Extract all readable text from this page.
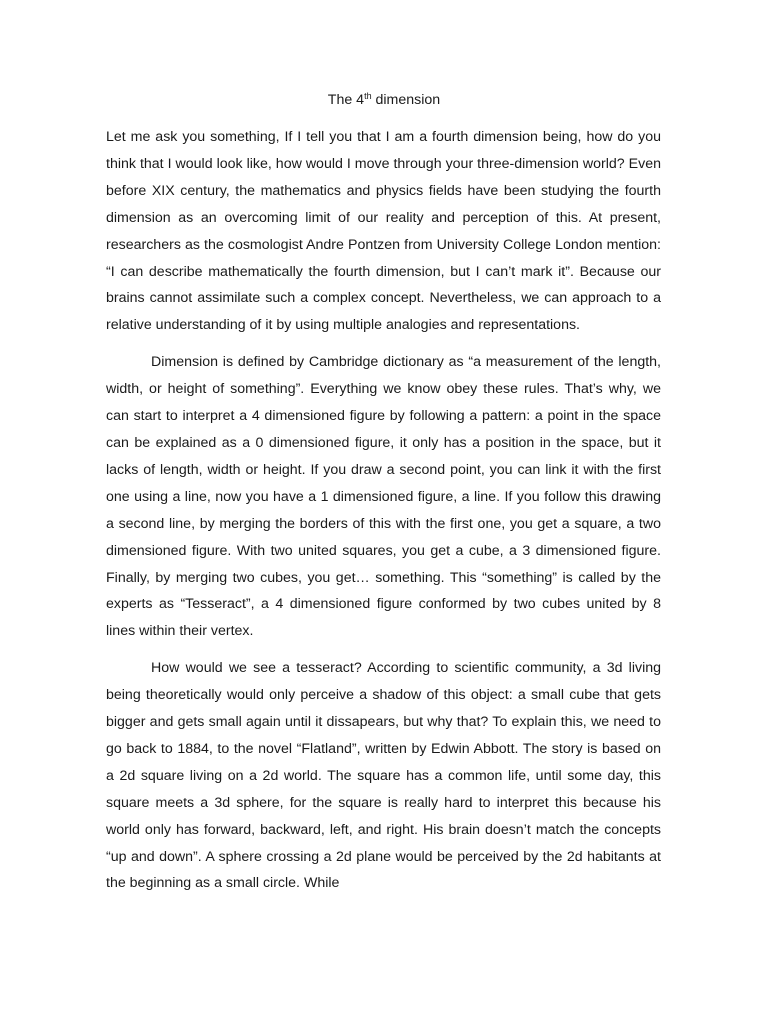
The 4th dimension

Let me ask you something, If I tell you that I am a fourth dimension being, how do you think that I would look like, how would I move through your three-dimension world? Even before XIX century, the mathematics and physics fields have been studying the fourth dimension as an overcoming limit of our reality and perception of this. At present, researchers as the cosmologist Andre Pontzen from University College London mention: “I can describe mathematically the fourth dimension, but I can’t mark it”. Because our brains cannot assimilate such a complex concept. Nevertheless, we can approach to a relative understanding of it by using multiple analogies and representations.

Dimension is defined by Cambridge dictionary as “a measurement of the length, width, or height of something”. Everything we know obey these rules. That’s why, we can start to interpret a 4 dimensioned figure by following a pattern: a point in the space can be explained as a 0 dimensioned figure, it only has a position in the space, but it lacks of length, width or height. If you draw a second point, you can link it with the first one using a line, now you have a 1 dimensioned figure, a line. If you follow this drawing a second line, by merging the borders of this with the first one, you get a square, a two dimensioned figure. With two united squares, you get a cube, a 3 dimensioned figure. Finally, by merging two cubes, you get… something. This “something” is called by the experts as “Tesseract”, a 4 dimensioned figure conformed by two cubes united by 8 lines within their vertex.

How would we see a tesseract? According to scientific community, a 3d living being theoretically would only perceive a shadow of this object: a small cube that gets bigger and gets small again until it dissapears, but why that? To explain this, we need to go back to 1884, to the novel “Flatland”, written by Edwin Abbott. The story is based on a 2d square living on a 2d world. The square has a common life, until some day, this square meets a 3d sphere, for the square is really hard to interpret this because his world only has forward, backward, left, and right. His brain doesn’t match the concepts “up and down”. A sphere crossing a 2d plane would be perceived by the 2d habitants at the beginning as a small circle. While
